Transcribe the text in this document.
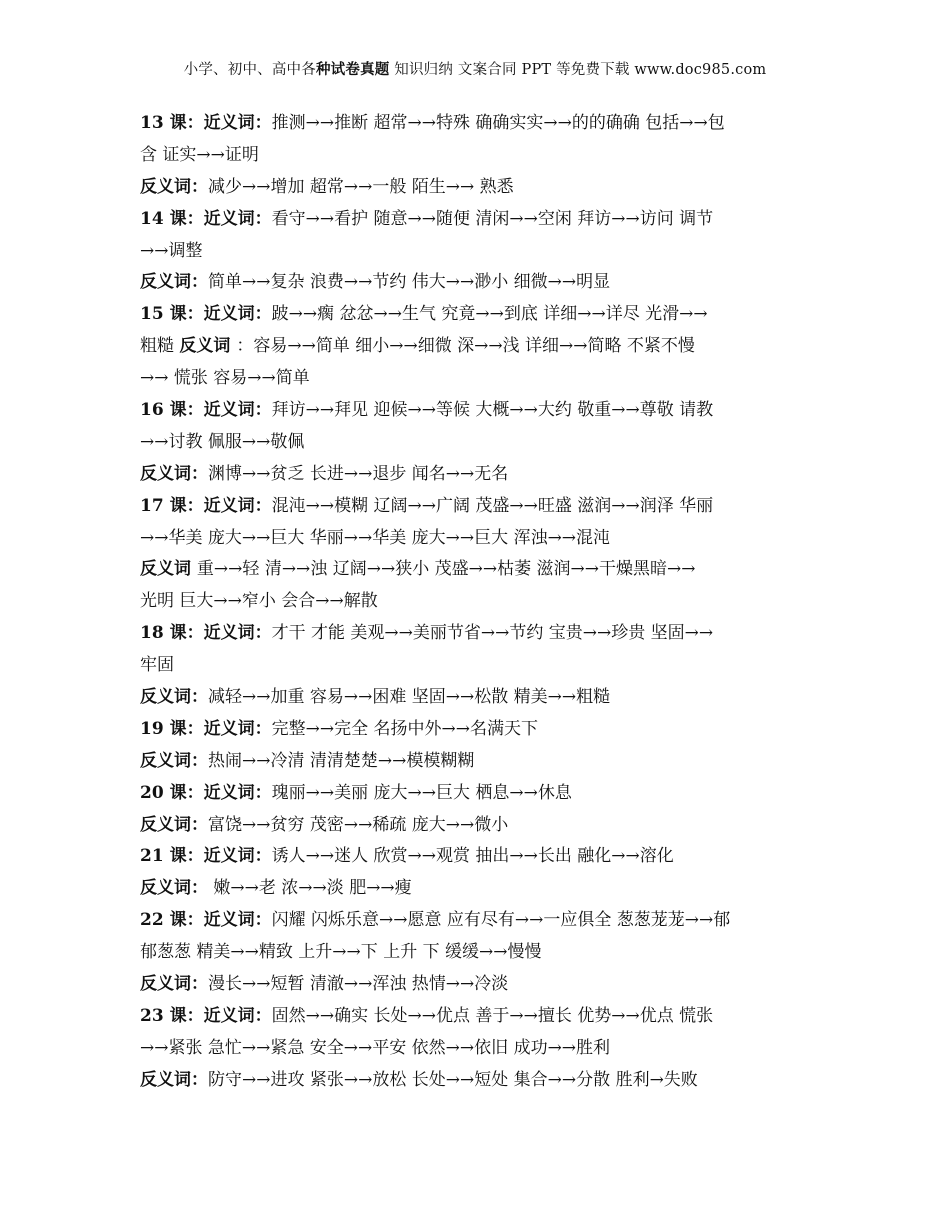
小学、初中、高中各种试卷真题 知识归纳 文案合同 PPT 等免费下载 www.doc985.com
13 课：近义词：推测→→推断 超常→→特殊 确确实实→→的的确确 包括→→包
含 证实→→证明
反义词：减少→→增加 超常→→一般 陌生→→ 熟悉
14 课：近义词：看守→→看护 随意→→随便 清闲→→空闲 拜访→→访问 调节
→→调整
反义词：简单→→复杂 浪费→→节约 伟大→→渺小 细微→→明显
15 课：近义词：跛→→瘸 忿忿→→生气 究竟→→到底 详细→→详尽 光滑→→
粗糙 反义词 ：容易→→简单 细小→→细微 深→→浅 详细→→简略 不紧不慢
→→ 慌张 容易→→简单
16 课：近义词：拜访→→拜见 迎候→→等候 大概→→大约 敬重→→尊敬 请教
→→讨教 佩服→→敬佩
反义词：渊博→→贫乏 长进→→退步 闻名→→无名
17 课：近义词：混沌→→模糊 辽阔→→广阔 茂盛→→旺盛 滋润→→润泽 华丽
→→华美 庞大→→巨大 华丽→→华美 庞大→→巨大 浑浊→→混沌
反义词 重→→轻 清→→浊 辽阔→→狭小 茂盛→→枯萎 滋润→→干燥黑暗→→
光明 巨大→→窄小 会合→→解散
18 课：近义词：才干 才能 美观→→美丽节省→→节约 宝贵→→珍贵 坚固→→
牢固
反义词：减轻→→加重 容易→→困难 坚固→→松散 精美→→粗糙
19 课：近义词：完整→→完全 名扬中外→→名满天下
反义词：热闹→→冷清 清清楚楚→→模模糊糊
20 课：近义词：瑰丽→→美丽 庞大→→巨大 栖息→→休息
反义词：富饶→→贫穷 茂密→→稀疏 庞大→→微小
21 课：近义词：诱人→→迷人 欣赏→→观赏 抽出→→长出 融化→→溶化
反义词： 嫩→→老 浓→→淡 肥→→瘦
22 课：近义词：闪耀 闪烁乐意→→愿意 应有尽有→→一应俱全 葱葱茏茏→→郁
郁葱葱 精美→→精致 上升→→下 上升 下 缓缓→→慢慢
反义词：漫长→→短暂 清澈→→浑浊 热情→→冷淡
23 课：近义词：固然→→确实 长处→→优点 善于→→擅长 优势→→优点 慌张
→→紧张 急忙→→紧急 安全→→平安 依然→→依旧 成功→→胜利
反义词：防守→→进攻 紧张→→放松 长处→→短处 集合→→分散 胜利→失败
